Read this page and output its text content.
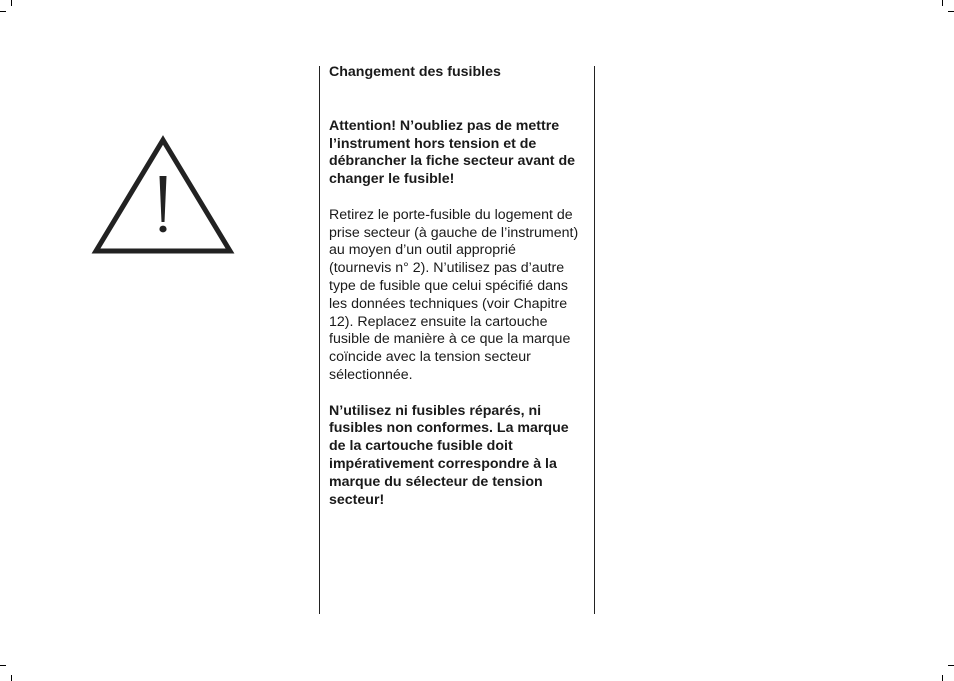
Changement des fusibles

Attention! N’oubliez pas de mettre l’instrument hors tension et de débrancher la fiche secteur avant de changer le fusible!

Retirez le porte-fusible du logement de prise secteur (à gauche de l’instrument) au moyen d’un outil approprié (tournevis n° 2). N’utilisez pas d’autre type de fusible que celui spécifié dans les données techniques (voir Chapitre 12). Replacez ensuite la cartouche fusible de manière à ce que la marque coïncide avec la tension secteur sélectionnée.

N’utilisez ni fusibles réparés, ni fusibles non conformes. La marque de la cartouche fusible doit impérativement correspondre à la marque du sélecteur de tension secteur!
